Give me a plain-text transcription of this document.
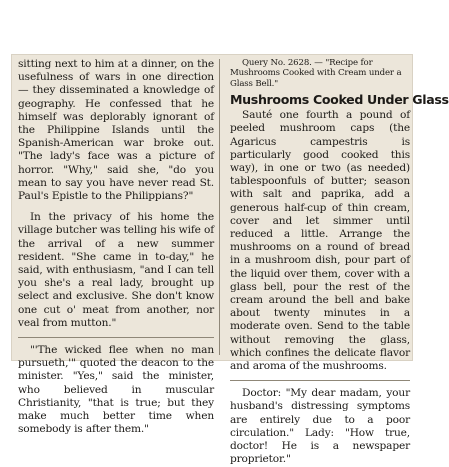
sitting next to him at a dinner, on the usefulness of wars in one direction — they disseminated a knowledge of geography. He confessed that he himself was deplorably ignorant of the Philippine Islands until the Spanish-American war broke out. "The lady's face was a picture of horror. "Why," said she, "do you mean to say you have never read St. Paul's Epistle to the Philippians?"

In the privacy of his home the village butcher was telling his wife of the arrival of a new summer resident. "She came in to-day," he said, with enthusiasm, "and I can tell you she's a real lady, brought up select and exclusive. She don't know one cut o' meat from another, nor veal from mutton."

"'The wicked flee when no man pursueth,'" quoted the deacon to the minister. "Yes," said the minister, who believed in muscular Christianity, "that is true; but they make much better time when somebody is after them."

Query No. 2628. — "Recipe for Mushrooms Cooked with Cream under a Glass Bell."

Mushrooms Cooked Under Glass

Sauté one fourth a pound of peeled mushroom caps (the Agaricus campestris is particularly good cooked this way), in one or two (as needed) tablespoonfuls of butter; season with salt and paprika, add a generous half-cup of thin cream, cover and let simmer until reduced a little. Arrange the mushrooms on a round of bread in a mushroom dish, pour part of the liquid over them, cover with a glass bell, pour the rest of the cream around the bell and bake about twenty minutes in a moderate oven. Send to the table without removing the glass, which confines the delicate flavor and aroma of the mushrooms.

Doctor: "My dear madam, your husband's distressing symptoms are entirely due to a poor circulation." Lady: "How true, doctor! He is a newspaper proprietor."
